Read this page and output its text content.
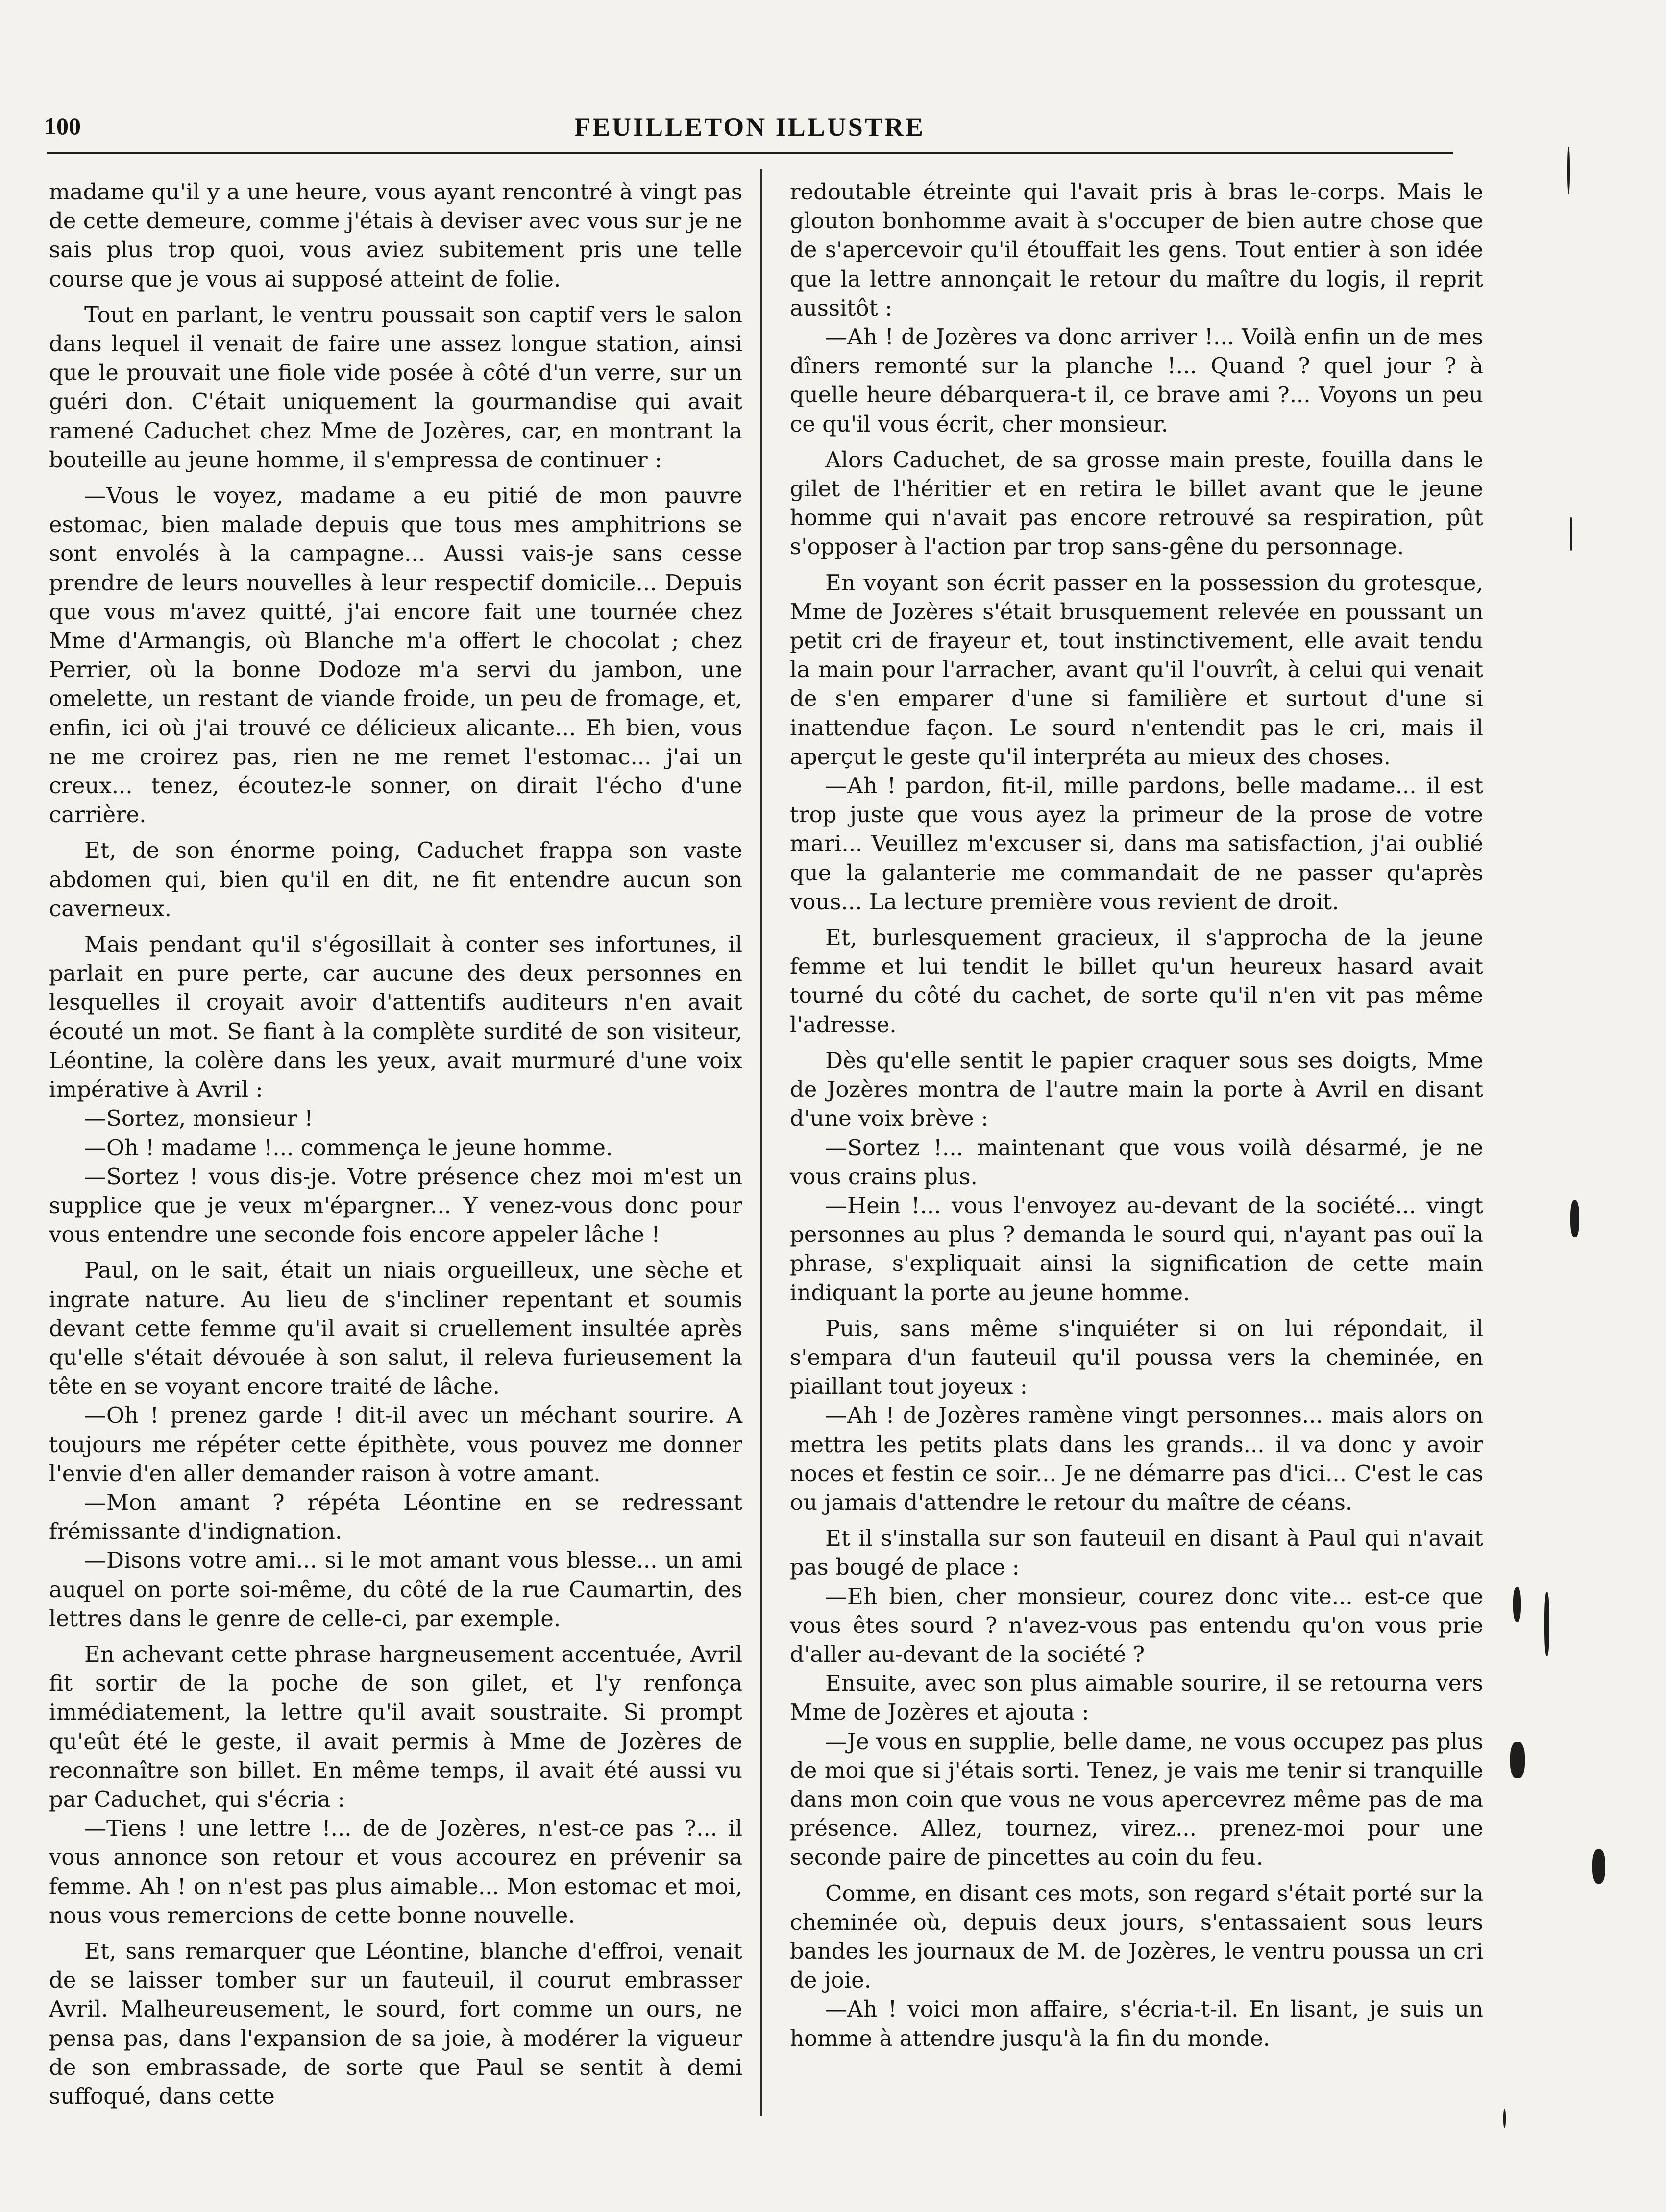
100	FEUILLETON ILLUSTRE

madame qu'il y a une heure, vous ayant rencontré à vingt pas de cette demeure, comme j'étais à deviser avec vous sur je ne sais plus trop quoi, vous aviez subitement pris une telle course que je vous ai supposé atteint de folie.

Tout en parlant, le ventru poussait son captif vers le salon dans lequel il venait de faire une assez longue station, ainsi que le prouvait une fiole vide posée à côté d'un verre, sur un guéri don. C'était uniquement la gourmandise qui avait ramené Caduchet chez Mme de Jozères, car, en montrant la bouteille au jeune homme, il s'empressa de continuer :

—Vous le voyez, madame a eu pitié de mon pauvre estomac, bien malade depuis que tous mes amphitrions se sont envolés à la campagne... Aussi vais-je sans cesse prendre de leurs nouvelles à leur respectif domicile... Depuis que vous m'avez quitté, j'ai encore fait une tournée chez Mme d'Armangis, où Blanche m'a offert le chocolat ; chez Perrier, où la bonne Dodoze m'a servi du jambon, une omelette, un restant de viande froide, un peu de fromage, et, enfin, ici où j'ai trouvé ce délicieux alicante... Eh bien, vous ne me croirez pas, rien ne me remet l'estomac... j'ai un creux... tenez, écoutez-le sonner, on dirait l'écho d'une carrière.

Et, de son énorme poing, Caduchet frappa son vaste abdomen qui, bien qu'il en dit, ne fit entendre aucun son caverneux.

Mais pendant qu'il s'égosillait à conter ses infortunes, il parlait en pure perte, car aucune des deux personnes en lesquelles il croyait avoir d'attentifs auditeurs n'en avait écouté un mot. Se fiant à la complète surdité de son visiteur, Léontine, la colère dans les yeux, avait murmuré d'une voix impérative à Avril :

—Sortez, monsieur !

—Oh ! madame !... commença le jeune homme.

—Sortez ! vous dis-je. Votre présence chez moi m'est un supplice que je veux m'épargner... Y venez-vous donc pour vous entendre une seconde fois encore appeler lâche !

Paul, on le sait, était un niais orgueilleux, une sèche et ingrate nature. Au lieu de s'incliner repentant et soumis devant cette femme qu'il avait si cruellement insultée après qu'elle s'était dévouée à son salut, il releva furieusement la tête en se voyant encore traité de lâche.

—Oh ! prenez garde ! dit-il avec un méchant sourire. A toujours me répéter cette épithète, vous pouvez me donner l'envie d'en aller demander raison à votre amant.

—Mon amant ? répéta Léontine en se redressant frémissante d'indignation.

—Disons votre ami... si le mot amant vous blesse... un ami auquel on porte soi-même, du côté de la rue Caumartin, des lettres dans le genre de celle-ci, par exemple.

En achevant cette phrase hargneusement accentuée, Avril fit sortir de la poche de son gilet, et l'y renfonça immédiatement, la lettre qu'il avait soustraite. Si prompt qu'eût été le geste, il avait permis à Mme de Jozères de reconnaître son billet. En même temps, il avait été aussi vu par Caduchet, qui s'écria :

—Tiens ! une lettre !... de de Jozères, n'est-ce pas ?... il vous annonce son retour et vous accourez en prévenir sa femme. Ah ! on n'est pas plus aimable... Mon estomac et moi, nous vous remercions de cette bonne nouvelle.

Et, sans remarquer que Léontine, blanche d'effroi, venait de se laisser tomber sur un fauteuil, il courut embrasser Avril. Malheureusement, le sourd, fort comme un ours, ne pensa pas, dans l'expansion de sa joie, à modérer la vigueur de son embrassade, de sorte que Paul se sentit à demi suffoqué, dans cette

redoutable étreinte qui l'avait pris à bras le-corps. Mais le glouton bonhomme avait à s'occuper de bien autre chose que de s'apercevoir qu'il étouffait les gens. Tout entier à son idée que la lettre annonçait le retour du maître du logis, il reprit aussitôt :

—Ah ! de Jozères va donc arriver !... Voilà enfin un de mes dîners remonté sur la planche !... Quand ? quel jour ? à quelle heure débarquera-t il, ce brave ami ?... Voyons un peu ce qu'il vous écrit, cher monsieur.

Alors Caduchet, de sa grosse main preste, fouilla dans le gilet de l'héritier et en retira le billet avant que le jeune homme qui n'avait pas encore retrouvé sa respiration, pût s'opposer à l'action par trop sans-gêne du personnage.

En voyant son écrit passer en la possession du grotesque, Mme de Jozères s'était brusquement relevée en poussant un petit cri de frayeur et, tout instinctivement, elle avait tendu la main pour l'arracher, avant qu'il l'ouvrît, à celui qui venait de s'en emparer d'une si familière et surtout d'une si inattendue façon. Le sourd n'entendit pas le cri, mais il aperçut le geste qu'il interpréta au mieux des choses.

—Ah ! pardon, fit-il, mille pardons, belle madame... il est trop juste que vous ayez la primeur de la prose de votre mari... Veuillez m'excuser si, dans ma satisfaction, j'ai oublié que la galanterie me commandait de ne passer qu'après vous... La lecture première vous revient de droit.

Et, burlesquement gracieux, il s'approcha de la jeune femme et lui tendit le billet qu'un heureux hasard avait tourné du côté du cachet, de sorte qu'il n'en vit pas même l'adresse.

Dès qu'elle sentit le papier craquer sous ses doigts, Mme de Jozères montra de l'autre main la porte à Avril en disant d'une voix brève :

—Sortez !... maintenant que vous voilà désarmé, je ne vous crains plus.

—Hein !... vous l'envoyez au-devant de la société... vingt personnes au plus ? demanda le sourd qui, n'ayant pas ouï la phrase, s'expliquait ainsi la signification de cette main indiquant la porte au jeune homme.

Puis, sans même s'inquiéter si on lui répondait, il s'empara d'un fauteuil qu'il poussa vers la cheminée, en piaillant tout joyeux :

—Ah ! de Jozères ramène vingt personnes... mais alors on mettra les petits plats dans les grands... il va donc y avoir noces et festin ce soir... Je ne démarre pas d'ici... C'est le cas ou jamais d'attendre le retour du maître de céans.

Et il s'installa sur son fauteuil en disant à Paul qui n'avait pas bougé de place :

—Eh bien, cher monsieur, courez donc vite... est-ce que vous êtes sourd ? n'avez-vous pas entendu qu'on vous prie d'aller au-devant de la société ?

Ensuite, avec son plus aimable sourire, il se retourna vers Mme de Jozères et ajouta :

—Je vous en supplie, belle dame, ne vous occupez pas plus de moi que si j'étais sorti. Tenez, je vais me tenir si tranquille dans mon coin que vous ne vous apercevrez même pas de ma présence. Allez, tournez, virez... prenez-moi pour une seconde paire de pincettes au coin du feu.

Comme, en disant ces mots, son regard s'était porté sur la cheminée où, depuis deux jours, s'entassaient sous leurs bandes les journaux de M. de Jozères, le ventru poussa un cri de joie.

—Ah ! voici mon affaire, s'écria-t-il. En lisant, je suis un homme à attendre jusqu'à la fin du monde.
